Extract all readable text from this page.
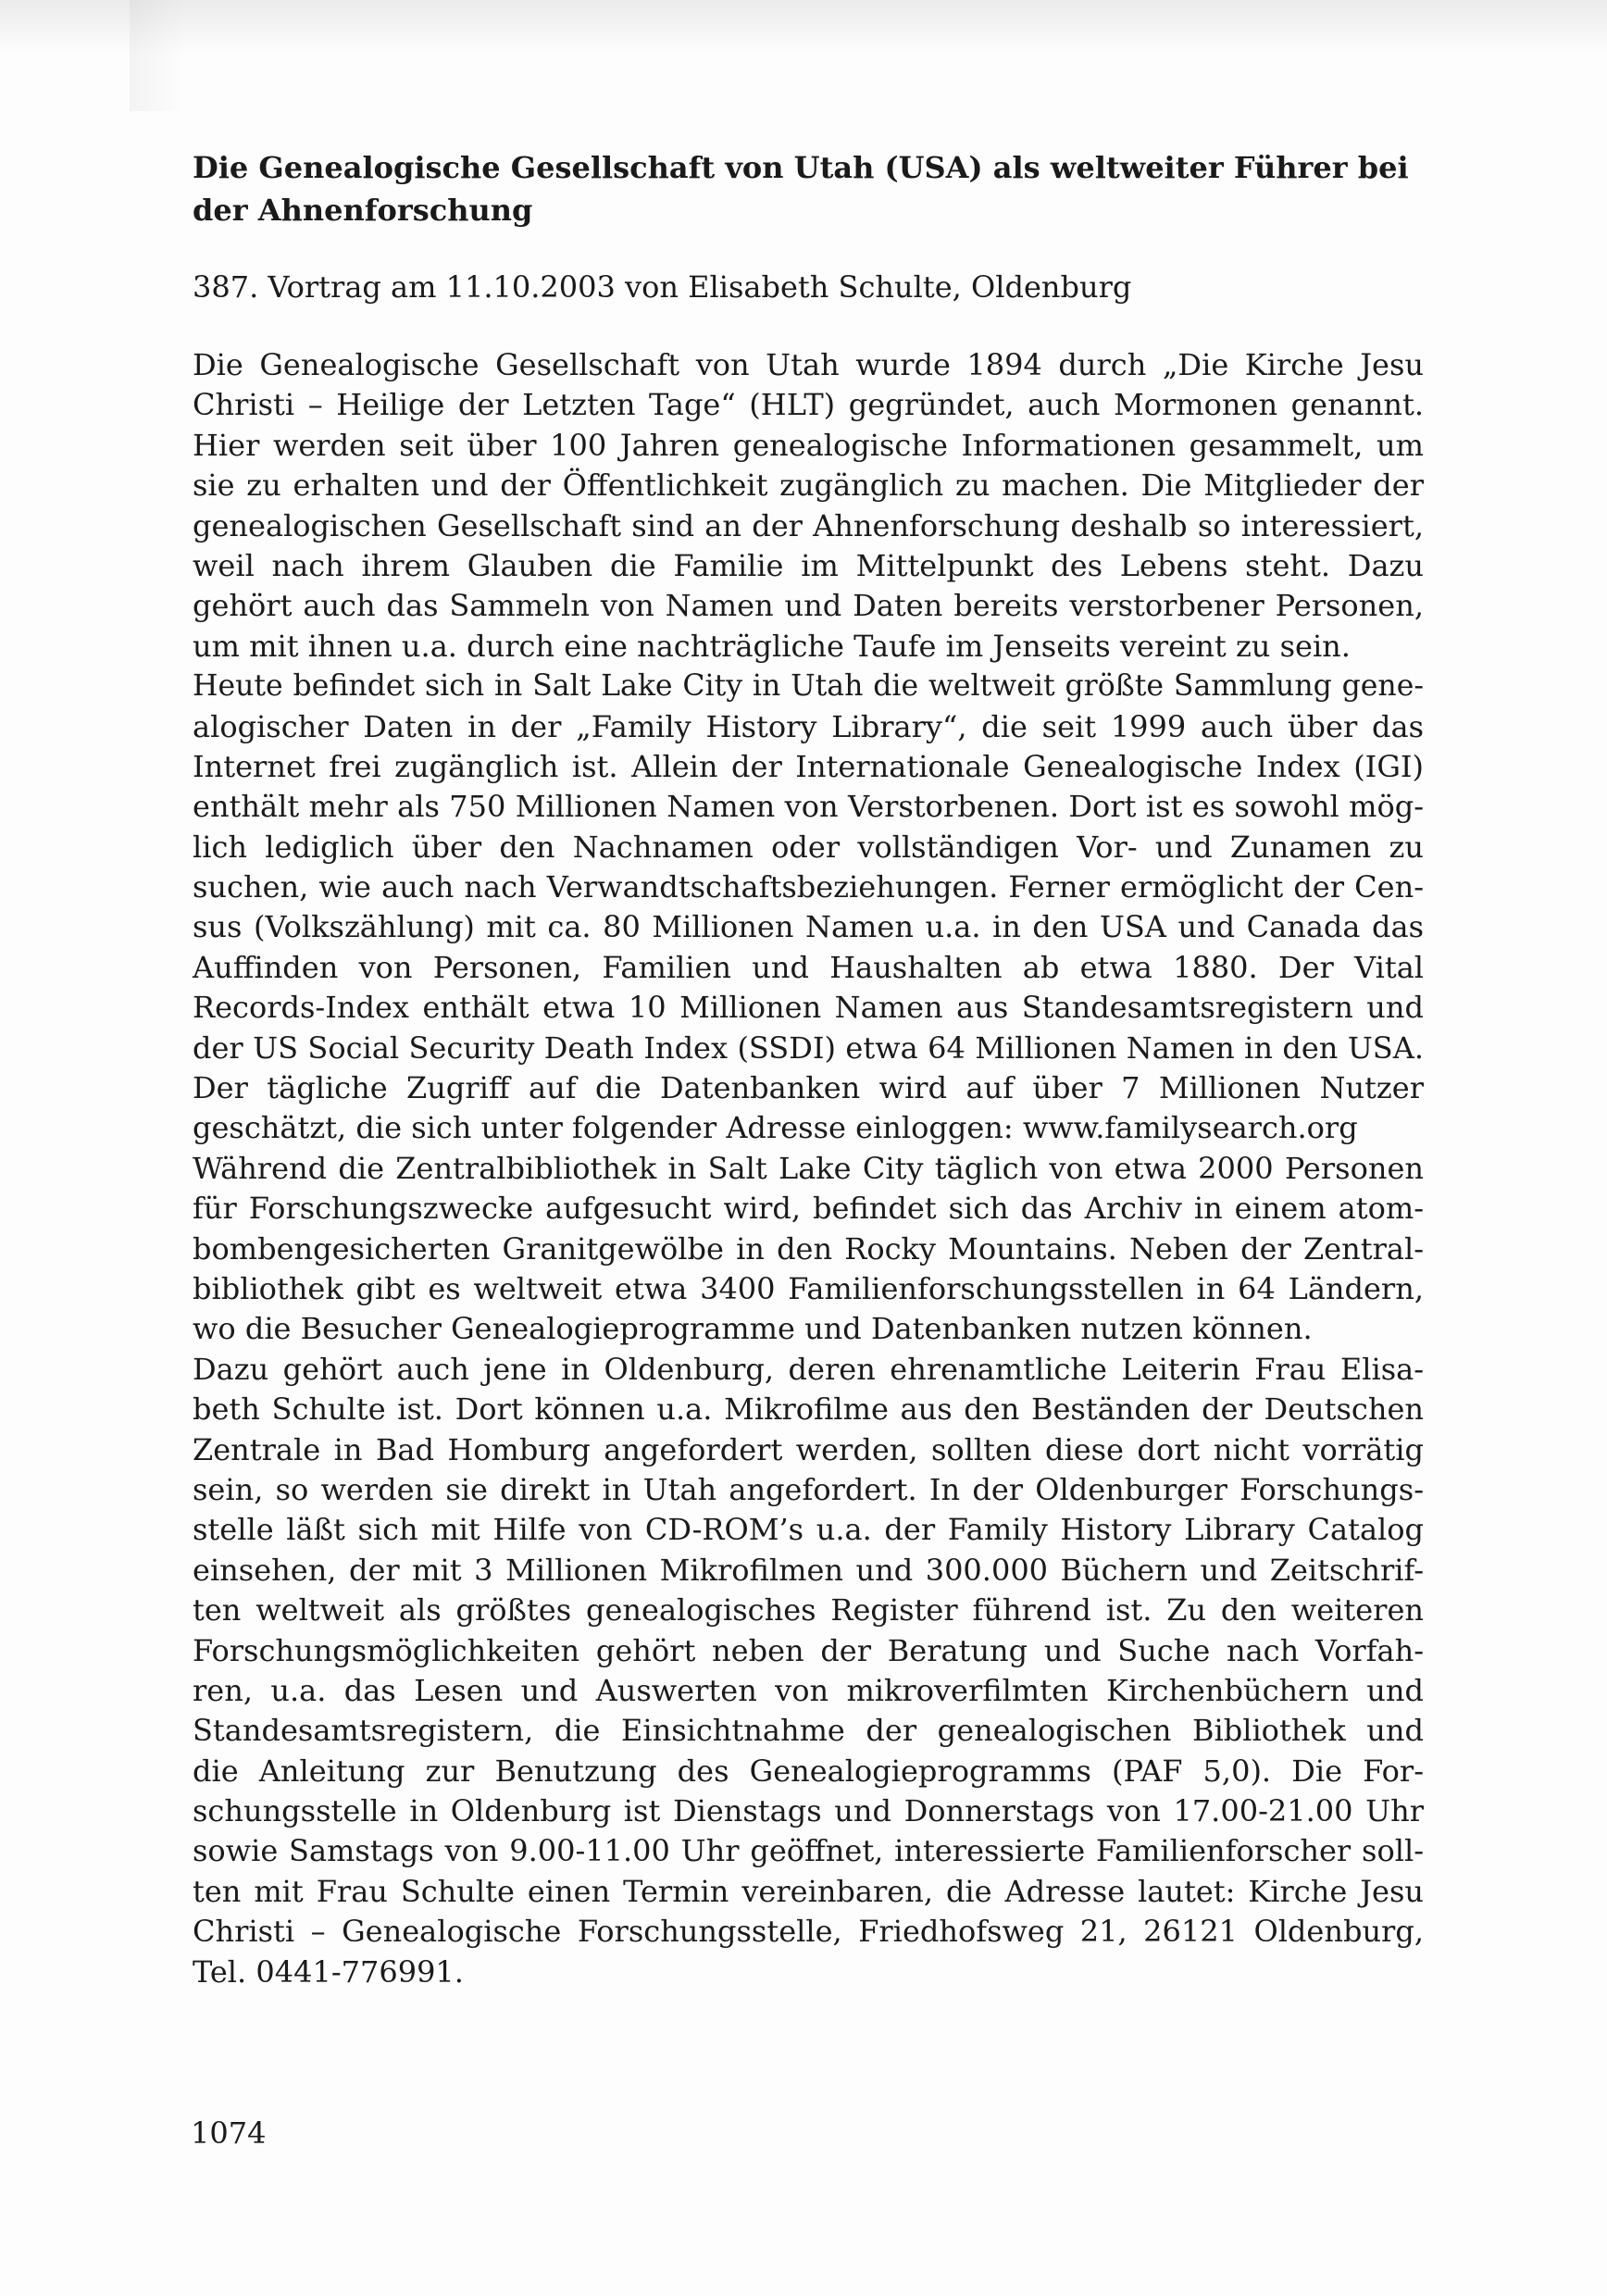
Die Genealogische Gesellschaft von Utah (USA) als weltweiter Führer bei der Ahnenforschung

387. Vortrag am 11.10.2003 von Elisabeth Schulte, Oldenburg

Die Genealogische Gesellschaft von Utah wurde 1894 durch „Die Kirche Jesu
Christi – Heilige der Letzten Tage“ (HLT) gegründet, auch Mormonen genannt.
Hier werden seit über 100 Jahren genealogische Informationen gesammelt, um
sie zu erhalten und der Öffentlichkeit zugänglich zu machen. Die Mitglieder der
genealogischen Gesellschaft sind an der Ahnenforschung deshalb so interessiert,
weil nach ihrem Glauben die Familie im Mittelpunkt des Lebens steht. Dazu
gehört auch das Sammeln von Namen und Daten bereits verstorbener Personen,
um mit ihnen u.a. durch eine nachträgliche Taufe im Jenseits vereint zu sein.
Heute befindet sich in Salt Lake City in Utah die weltweit größte Sammlung gene-
alogischer Daten in der „Family History Library“, die seit 1999 auch über das
Internet frei zugänglich ist. Allein der Internationale Genealogische Index (IGI)
enthält mehr als 750 Millionen Namen von Verstorbenen. Dort ist es sowohl mög-
lich lediglich über den Nachnamen oder vollständigen Vor- und Zunamen zu
suchen, wie auch nach Verwandtschaftsbeziehungen. Ferner ermöglicht der Cen-
sus (Volkszählung) mit ca. 80 Millionen Namen u.a. in den USA und Canada das
Auffinden von Personen, Familien und Haushalten ab etwa 1880. Der Vital
Records-Index enthält etwa 10 Millionen Namen aus Standesamtsregistern und
der US Social Security Death Index (SSDI) etwa 64 Millionen Namen in den USA.
Der tägliche Zugriff auf die Datenbanken wird auf über 7 Millionen Nutzer
geschätzt, die sich unter folgender Adresse einloggen: www.familysearch.org
Während die Zentralbibliothek in Salt Lake City täglich von etwa 2000 Personen
für Forschungszwecke aufgesucht wird, befindet sich das Archiv in einem atom-
bombengesicherten Granitgewölbe in den Rocky Mountains. Neben der Zentral-
bibliothek gibt es weltweit etwa 3400 Familienforschungsstellen in 64 Ländern,
wo die Besucher Genealogieprogramme und Datenbanken nutzen können.
Dazu gehört auch jene in Oldenburg, deren ehrenamtliche Leiterin Frau Elisa-
beth Schulte ist. Dort können u.a. Mikrofilme aus den Beständen der Deutschen
Zentrale in Bad Homburg angefordert werden, sollten diese dort nicht vorrätig
sein, so werden sie direkt in Utah angefordert. In der Oldenburger Forschungs-
stelle läßt sich mit Hilfe von CD-ROM’s u.a. der Family History Library Catalog
einsehen, der mit 3 Millionen Mikrofilmen und 300.000 Büchern und Zeitschrif-
ten weltweit als größtes genealogisches Register führend ist. Zu den weiteren
Forschungsmöglichkeiten gehört neben der Beratung und Suche nach Vorfah-
ren, u.a. das Lesen und Auswerten von mikroverfilmten Kirchenbüchern und
Standesamtsregistern, die Einsichtnahme der genealogischen Bibliothek und
die Anleitung zur Benutzung des Genealogieprogramms (PAF 5,0). Die For-
schungsstelle in Oldenburg ist Dienstags und Donnerstags von 17.00-21.00 Uhr
sowie Samstags von 9.00-11.00 Uhr geöffnet, interessierte Familienforscher soll-
ten mit Frau Schulte einen Termin vereinbaren, die Adresse lautet: Kirche Jesu
Christi – Genealogische Forschungsstelle, Friedhofsweg 21, 26121 Oldenburg,
Tel. 0441-776991.

1074
